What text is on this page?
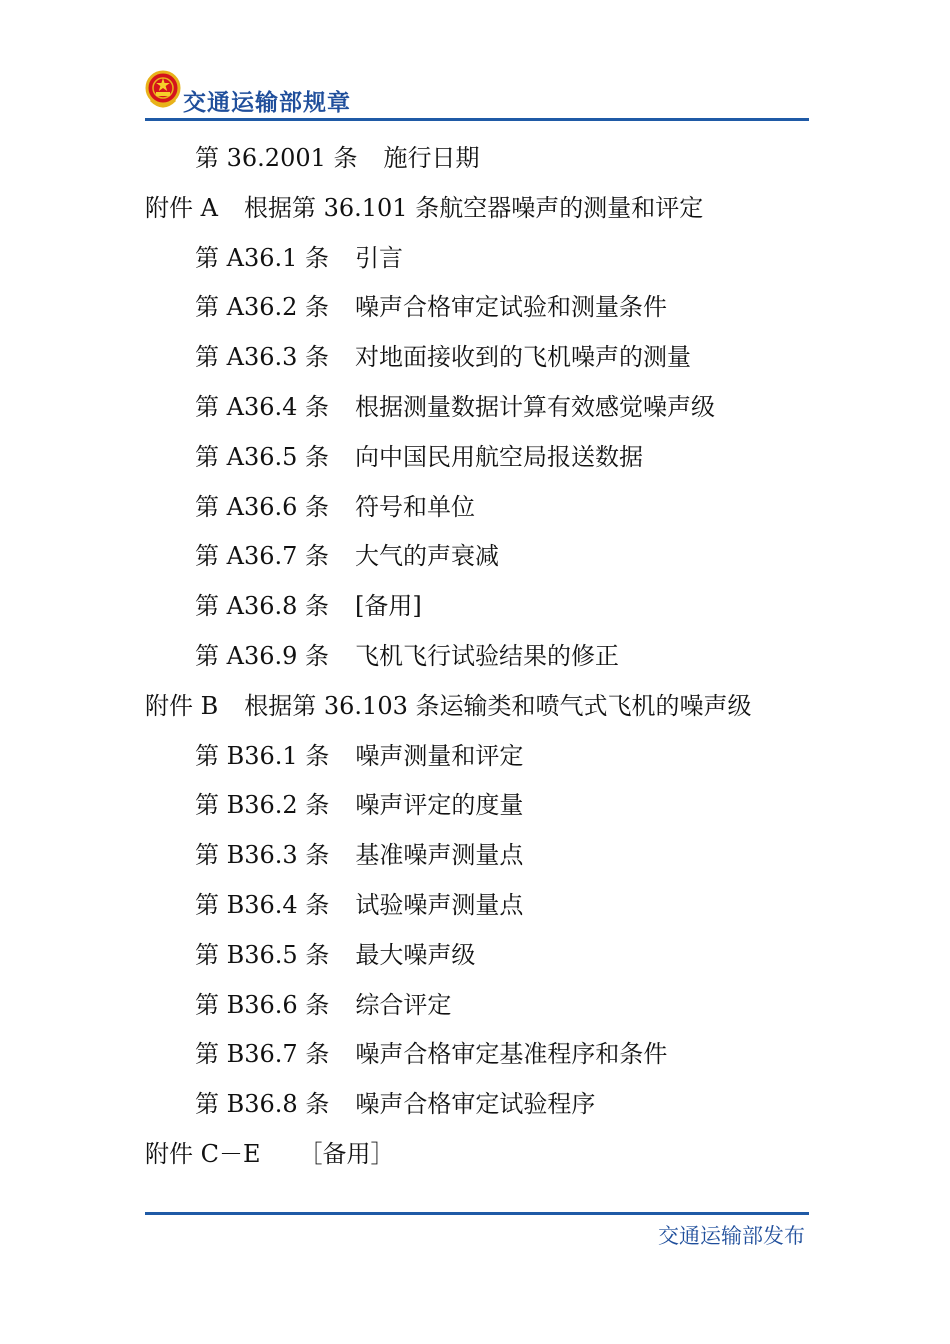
交通运输部规章
第 36.2001 条 施行日期
附件 A 根据第 36.101 条航空器噪声的测量和评定
第 A36.1 条 引言
第 A36.2 条 噪声合格审定试验和测量条件
第 A36.3 条 对地面接收到的飞机噪声的测量
第 A36.4 条 根据测量数据计算有效感觉噪声级
第 A36.5 条 向中国民用航空局报送数据
第 A36.6 条 符号和单位
第 A36.7 条 大气的声衰减
第 A36.8 条 [备用]
第 A36.9 条 飞机飞行试验结果的修正
附件 B 根据第 36.103 条运输类和喷气式飞机的噪声级
第 B36.1 条 噪声测量和评定
第 B36.2 条 噪声评定的度量
第 B36.3 条 基准噪声测量点
第 B36.4 条 试验噪声测量点
第 B36.5 条 最大噪声级
第 B36.6 条 综合评定
第 B36.7 条 噪声合格审定基准程序和条件
第 B36.8 条 噪声合格审定试验程序
附件 C－E ［备用］
交通运输部发布
